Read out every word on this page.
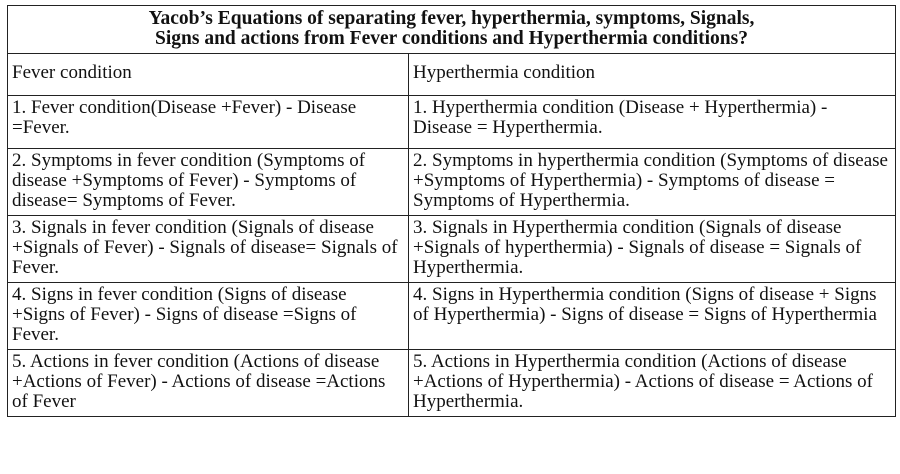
Yacob’s Equations of separating fever, hyperthermia, symptoms, Signals,
Signs and actions from Fever conditions and Hyperthermia conditions?	

Fever condition	Hyperthermia condition
1. Fever condition(Disease +Fever) - Disease =Fever.	1. Hyperthermia condition (Disease + Hyperthermia) - Disease = Hyperthermia.
2. Symptoms in fever condition (Symptoms of disease +Symptoms of Fever) - Symptoms of disease= Symptoms of Fever.	2. Symptoms in hyperthermia condition (Symptoms of disease +Symptoms of Hyperthermia) - Symptoms of disease = Symptoms of Hyperthermia.
3. Signals in fever condition (Signals of disease +Signals of Fever) - Signals of disease= Signals of Fever.	3. Signals in Hyperthermia condition (Signals of disease +Signals of hyperthermia) - Signals of disease = Signals of Hyperthermia.
4. Signs in fever condition (Signs of disease +Signs of Fever) - Signs of disease =Signs of Fever.	4. Signs in Hyperthermia condition (Signs of disease + Signs of Hyperthermia) - Signs of disease = Signs of Hyperthermia
5. Actions in fever condition (Actions of disease +Actions of Fever) - Actions of disease =Actions of Fever	5. Actions in Hyperthermia condition (Actions of disease +Actions of Hyperthermia) - Actions of disease = Actions of Hyperthermia.
